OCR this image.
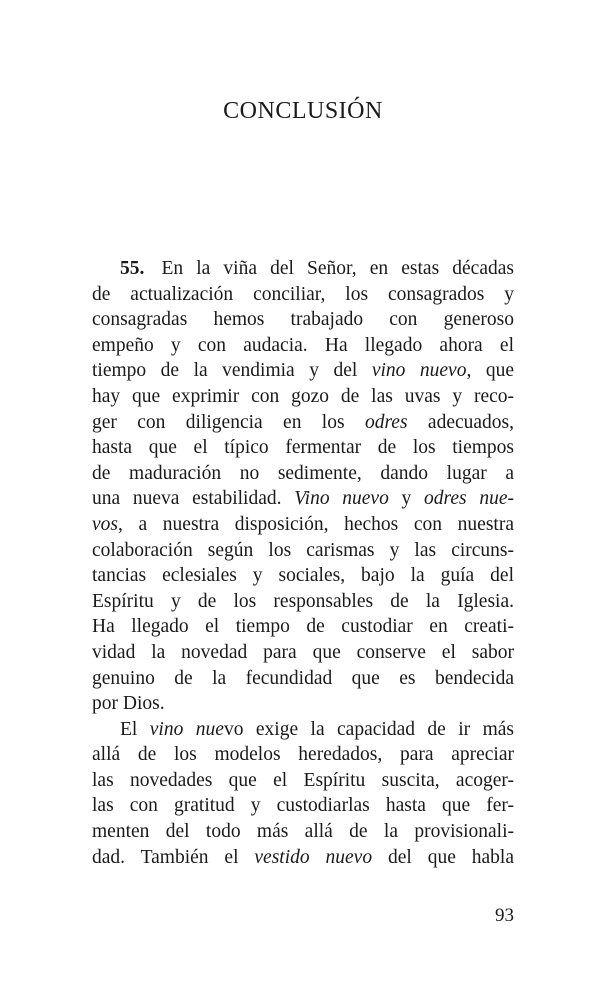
CONCLUSIÓN
55. En la viña del Señor, en estas décadas
de actualización conciliar, los consagrados y
consagradas hemos trabajado con generoso
empeño y con audacia. Ha llegado ahora el
tiempo de la vendimia y del vino nuevo, que
hay que exprimir con gozo de las uvas y reco-
ger con diligencia en los odres adecuados,
hasta que el típico fermentar de los tiempos
de maduración no sedimente, dando lugar a
una nueva estabilidad. Vino nuevo y odres nue-
vos, a nuestra disposición, hechos con nuestra
colaboración según los carismas y las circuns-
tancias eclesiales y sociales, bajo la guía del
Espíritu y de los responsables de la Iglesia.
Ha llegado el tiempo de custodiar en creati-
vidad la novedad para que conserve el sabor
genuino de la fecundidad que es bendecida
por Dios.
El vino nuevo exige la capacidad de ir más
allá de los modelos heredados, para apreciar
las novedades que el Espíritu suscita, acoger-
las con gratitud y custodiarlas hasta que fer-
menten del todo más allá de la provisionali-
dad. También el vestido nuevo del que habla
93
